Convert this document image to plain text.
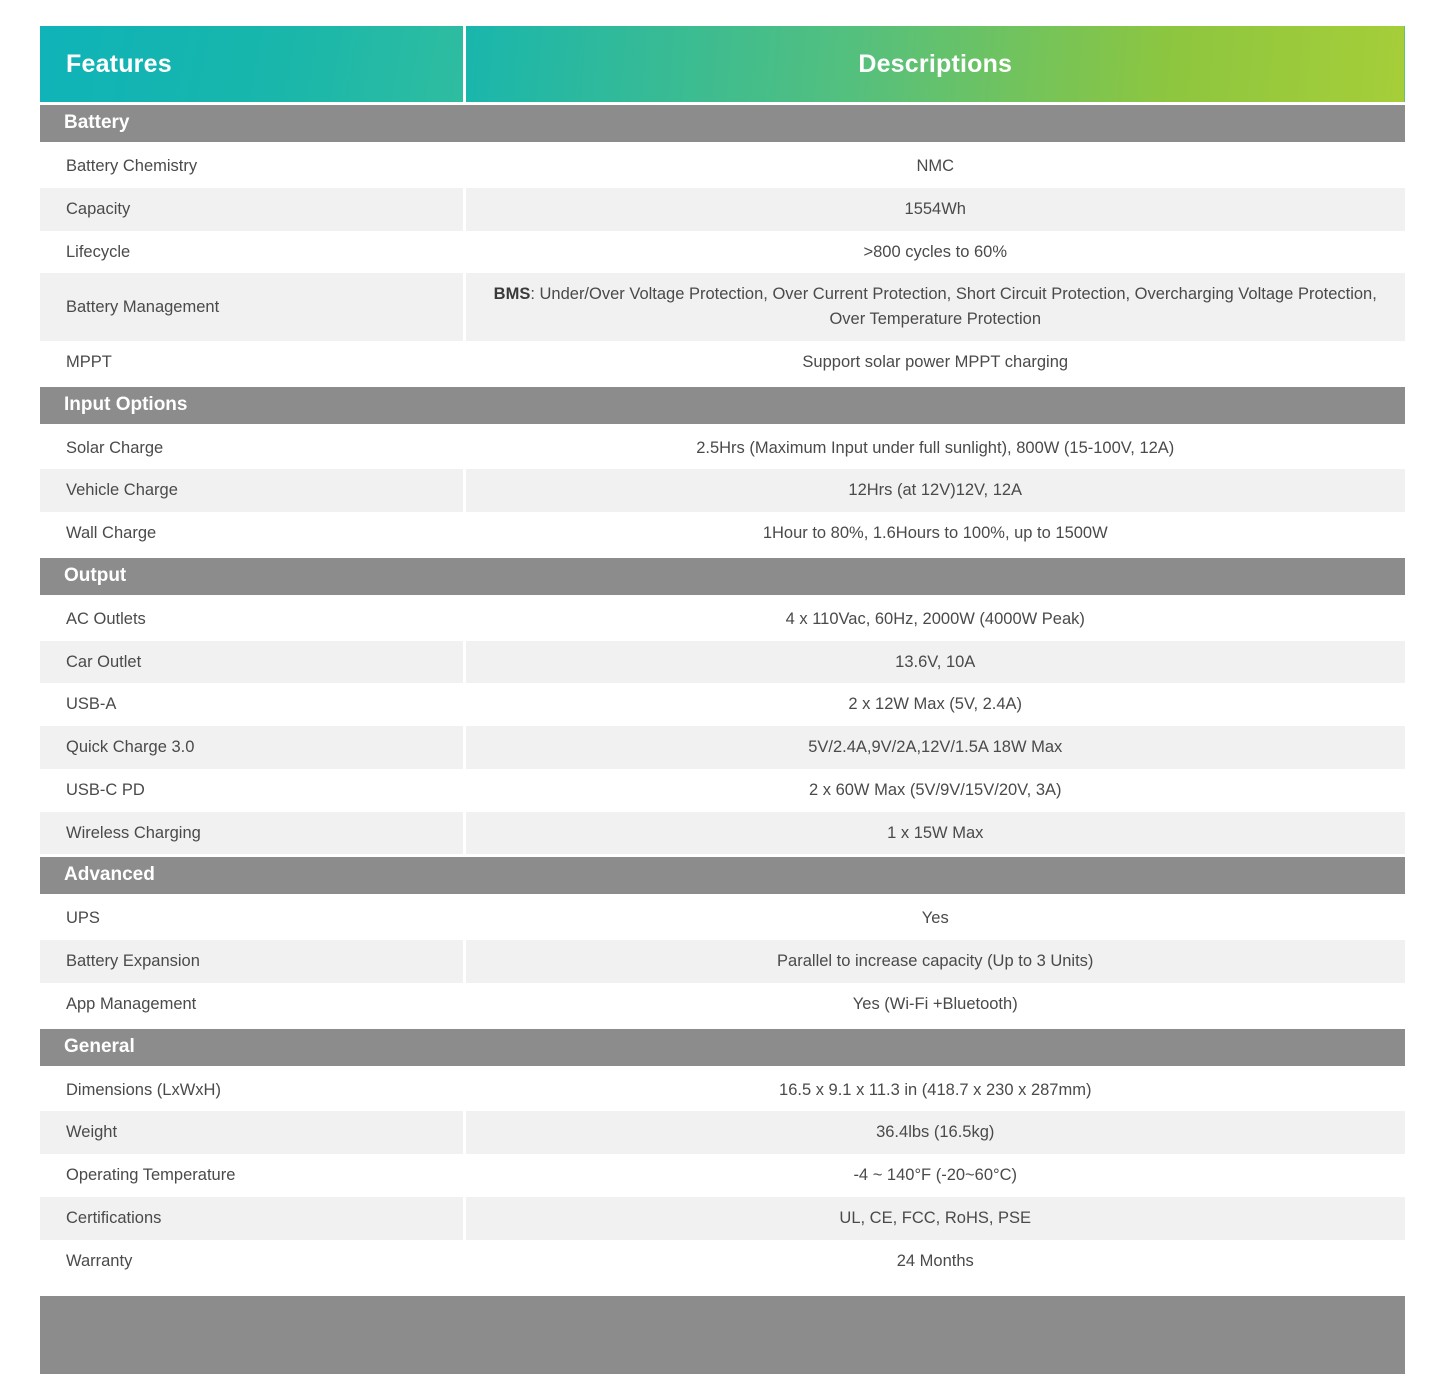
Features	Descriptions
Battery	
Battery Chemistry	NMC
Capacity	1554Wh
Lifecycle	>800 cycles to 60%
Battery Management	BMS: Under/Over Voltage Protection, Over Current Protection, Short Circuit Protection, Overcharging Voltage Protection, Over Temperature Protection
MPPT	Support solar power MPPT charging
Input Options	
Solar Charge	2.5Hrs (Maximum Input under full sunlight), 800W (15-100V, 12A)
Vehicle Charge	12Hrs (at 12V)12V, 12A
Wall Charge	1Hour to 80%, 1.6Hours to 100%, up to 1500W
Output	
AC Outlets	4 x 110Vac, 60Hz, 2000W (4000W Peak)
Car Outlet	13.6V, 10A
USB-A	2 x 12W Max (5V, 2.4A)
Quick Charge 3.0	5V/2.4A,9V/2A,12V/1.5A 18W Max
USB-C PD	2 x 60W Max (5V/9V/15V/20V, 3A)
Wireless Charging	1 x 15W Max
Advanced	
UPS	Yes
Battery Expansion	Parallel to increase capacity (Up to 3 Units)
App Management	Yes (Wi-Fi +Bluetooth)
General	
Dimensions (LxWxH)	16.5 x 9.1 x 11.3 in (418.7 x 230 x 287mm)
Weight	36.4lbs (16.5kg)
Operating Temperature	-4 ~ 140°F (-20~60°C)
Certifications	UL, CE, FCC, RoHS, PSE
Warranty	24 Months
